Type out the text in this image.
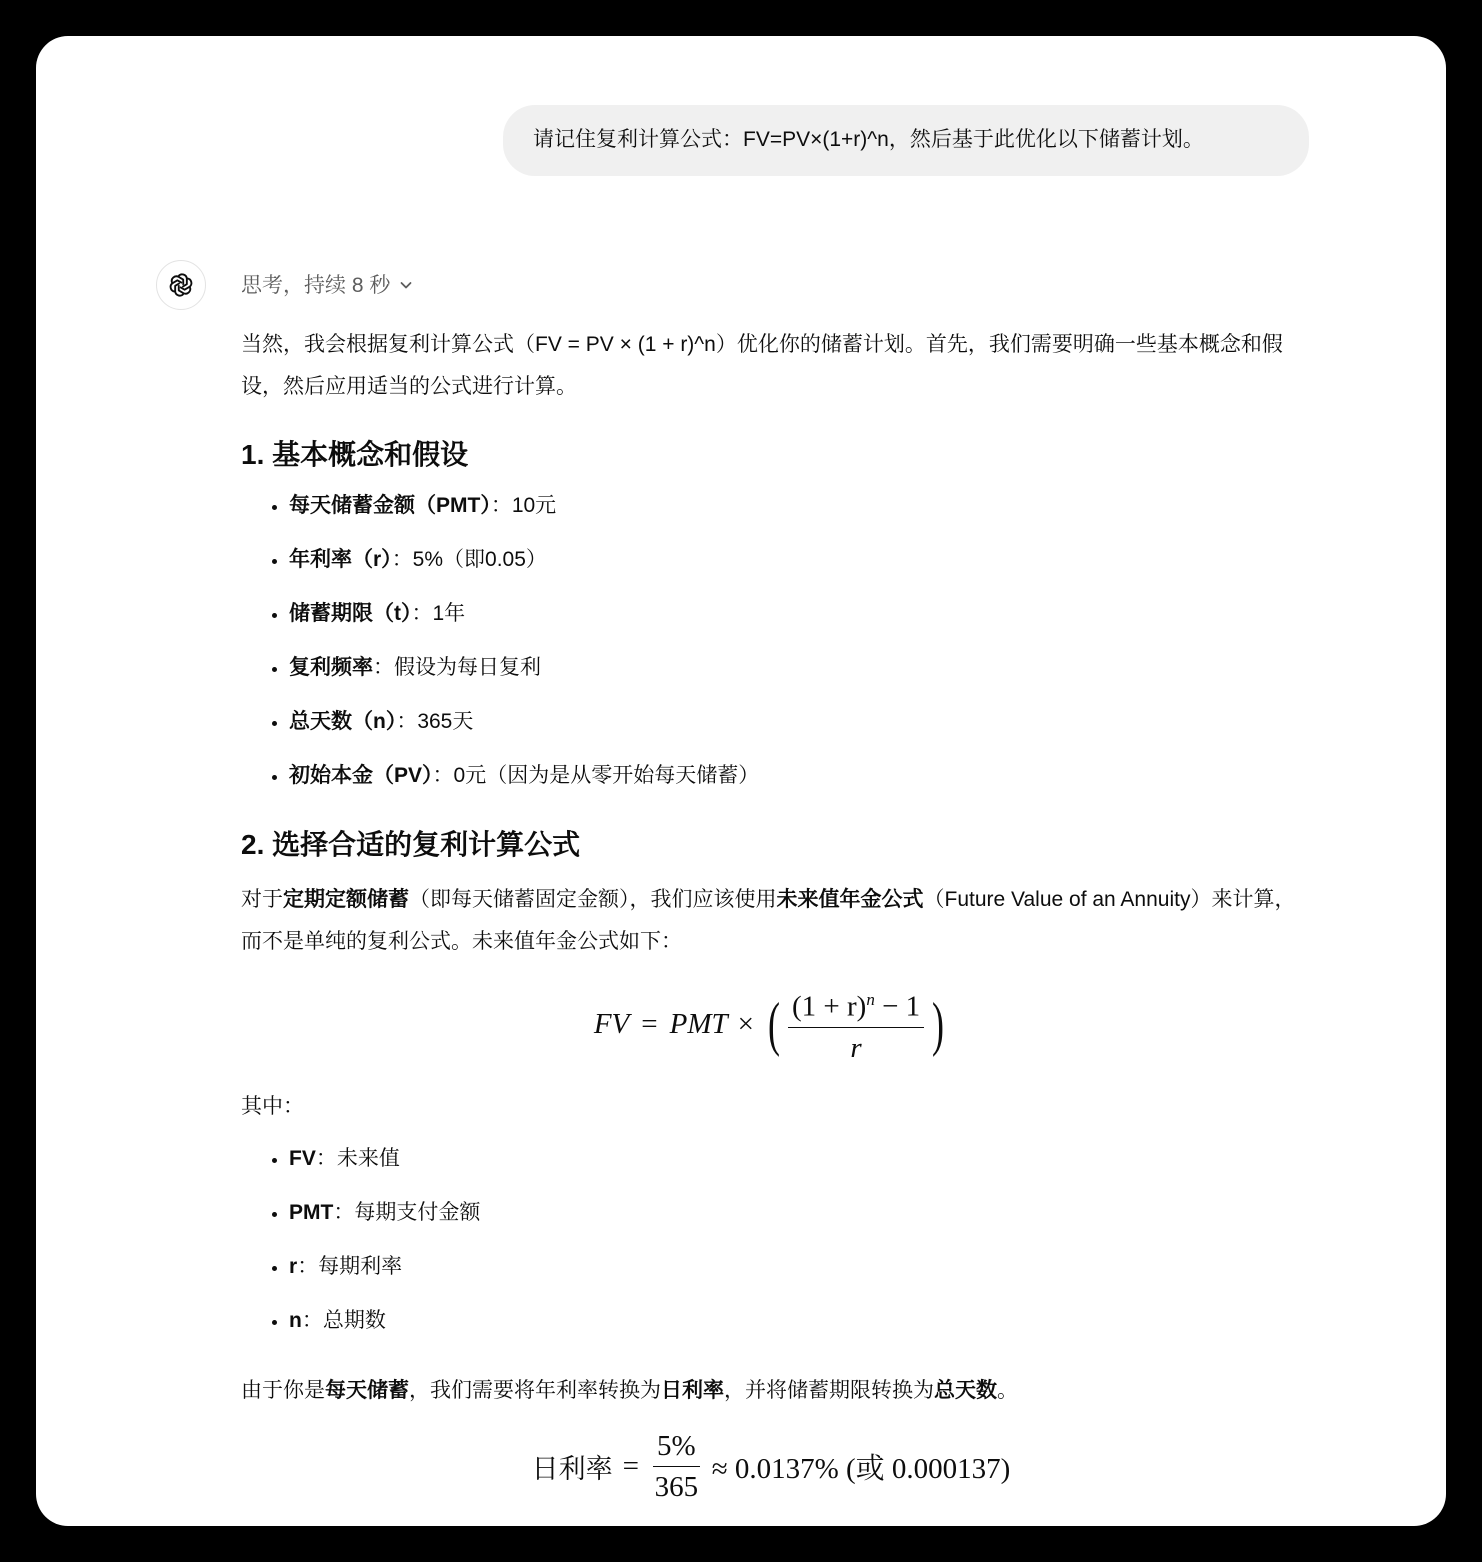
请记住复利计算公式：FV=PV×(1+r)^n，然后基于此优化以下储蓄计划。
思考，持续 8 秒

当然，我会根据复利计算公式（FV = PV × (1 + r)^n）优化你的储蓄计划。首先，我们需要明确一些基本概念和假设，然后应用适当的公式进行计算。

1. 基本概念和假设
• 每天储蓄金额（PMT）：10元
• 年利率（r）：5%（即0.05）
• 储蓄期限（t）：1年
• 复利频率：假设为每日复利
• 总天数（n）：365天
• 初始本金（PV）：0元（因为是从零开始每天储蓄）
2. 选择合适的复利计算公式

对于定期定额储蓄（即每天储蓄固定金额），我们应该使用未来值年金公式（Future Value of an Annuity）来计算，而不是单纯的复利公式。未来值年金公式如下：

FV = PMT × ( $\frac{(1 + r)^n - 1}{r}$ )

其中：

• FV：未来值
• PMT：每期支付金额
• r：每期利率
• n：总期数

由于你是每天储蓄，我们需要将年利率转换为日利率，并将储蓄期限转换为总天数。

日利率 = $\frac{5\%}{365} \approx 0.0137\%$ (或 0.000137)
